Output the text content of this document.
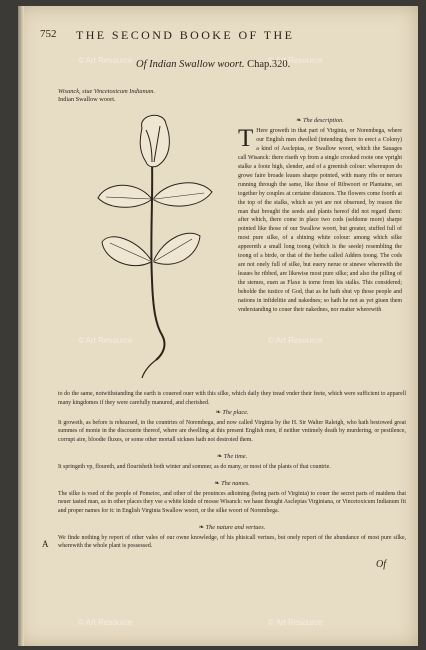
752 THE SECOND BOOKE OF THE
Of Indian Swallow woort. Chap.320.
Wisanck, siue Vincetoxicum Indianum.
Indian Swallow woort.
❧ The description.
T Here groweth in that part of Virginia, or Norembega, where our English men dwelled (intending there to erect a Colony) a kind of Asclepias, or Swallow woort, which the Sauages call Wisanck: there riseth vp from a single crooked roote one vpright stalke a foote high, slender, and of a greenish colour: whereupon do growe faire broade leaues sharpe pointed, with many ribs or nerues running through the same, like those of Ribwoort or Plantaine, set together by couples at certaine distances. The flowers come foorth at the top of the stalks, which as yet are not obserued, by reason the man that brought the seeds and plants hereof did not regard them: after which, there come in place two cods (seldome more) sharpe pointed like those of our Swallow woort, but greater, stuffed full of most pure silke, of a shining white colour: among which silke appeereth a small long toong (which is the seede) resembling the toong of a birde, or that of the herbe called Adders toong. The cods are not onely full of silke, but euery nerue or sinewe wherewith the leaues be ribbed, are likewise most pure silke; and also the pilling of the stemes, euen as Flaxe is torne from his stalks. This considered; beholde the iustice of God, that as he hath shut vp those people and nations in infidelitie and nakednes; so hath he not as yet giuen them vnderstanding to couer their nakednes, nor matter wherewith
to do the same, notwithstanding the earth is couered ouer with this silke, which daily they tread vnder their feete, which were sufficient to apparell many kingdomes if they were carefully manured, and cherished.
❧ The place.
It groweth, as before is rehearsed, in the countries of Norembega, and now called Virginia by the H. Sir Walter Raleigh, who hath bestowed great summes of monie in the discouerie thereof, where are dwelling at this present English men, if neither vntimely death by murdering, or pestilence, corrupt aire, bloodie fluxes, or some other mortall sicknes hath not destroied them.
❧ The time.
It springeth vp, floureth, and flourisheth both winter and sommer, as do many, or most of the plants of that countrie.
❧ The names.
The silke is vsed of the people of Pomeioc, and other of the prouinces adioining (being parts of Virginia) to couer the secret parts of maidens that neuer tasted man, as in other places they vse a white kinde of mosse Wisanck: we haue thought Asclepias Virginiana, or Vincetoxicum Indianum fit and proper names for it: in English Virginia Swallow woort, or the silke woort of Norembega.
❧ The nature and vertues.
We finde nothing by report of other vales of our owne knowledge, of his phisicall vertues, but onely report of the abundance of most pure silke, wherewith the whole plant is possessed.
A
Of
© Art Resource	© Art Resource
© Art Resource	© Art Resource
© Art Resource	© Art Resource
